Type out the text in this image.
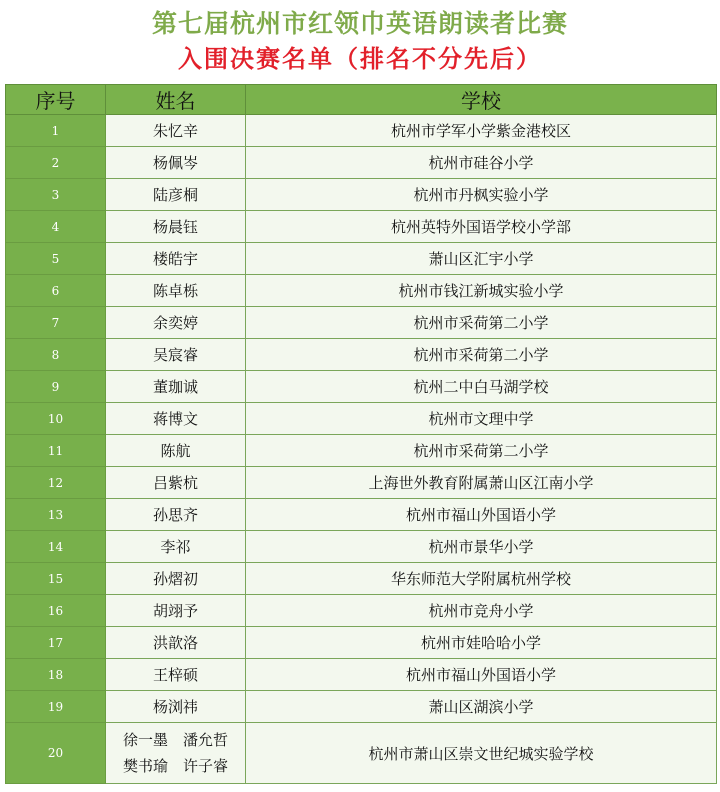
第七届杭州市红领巾英语朗读者比赛
入围决赛名单（排名不分先后）
序号	姓名	学校
1	朱忆辛	杭州市学军小学紫金港校区
2	杨佩岑	杭州市硅谷小学
3	陆彦桐	杭州市丹枫实验小学
4	杨晨钰	杭州英特外国语学校小学部
5	楼皓宇	萧山区汇宇小学
6	陈卓栎	杭州市钱江新城实验小学
7	余奕婷	杭州市采荷第二小学
8	吴宸睿	杭州市采荷第二小学
9	董珈诚	杭州二中白马湖学校
10	蒋博文	杭州市文理中学
11	陈航	杭州市采荷第二小学
12	吕紫杭	上海世外教育附属萧山区江南小学
13	孙思齐	杭州市福山外国语小学
14	李祁	杭州市景华小学
15	孙熠初	华东师范大学附属杭州学校
16	胡翊予	杭州市竞舟小学
17	洪歆洛	杭州市娃哈哈小学
18	王梓硕	杭州市福山外国语小学
19	杨浏祎	萧山区湖滨小学
20	徐一墨　潘允哲
樊书瑜　许子睿	杭州市萧山区崇文世纪城实验学校
